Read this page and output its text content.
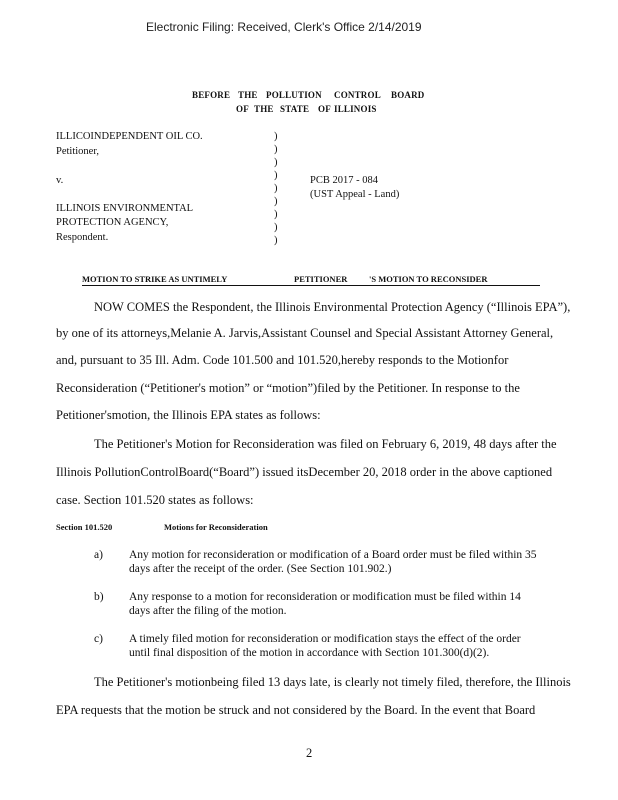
Electronic Filing: Received, Clerk's Office 2/14/2019
BEFORE THE POLLUTION CONTROL BOARD
OF THE STATE OF ILLINOIS
ILLICOINDEPENDENT OIL CO.
Petitioner,
v.
ILLINOIS ENVIRONMENTAL
PROTECTION AGENCY,
Respondent.
)
)
)
)
)
)
)
)
)
PCB 2017 - 084
(UST Appeal - Land)
MOTION TO STRIKE AS UNTIMELY	PETITIONER	'S MOTION TO RECONSIDER
NOW COMES the Respondent, the Illinois Environmental Protection Agency (“Illinois EPA”),
by one of its attorneys,Melanie A. Jarvis,Assistant Counsel and Special Assistant Attorney General,
and, pursuant to 35 Ill. Adm. Code 101.500 and 101.520,hereby responds to the Motionfor
Reconsideration (“Petitioner's motion” or “motion”)filed by the Petitioner. In response to the
Petitioner'smotion, the Illinois EPA states as follows:
The Petitioner's Motion for Reconsideration was filed on February 6, 2019, 48 days after the
Illinois PollutionControlBoard(“Board”) issued itsDecember 20, 2018 order in the above captioned
case. Section 101.520 states as follows:
Section 101.520	Motions for Reconsideration
a) Any motion for reconsideration or modification of a Board order must be filed within 35
days after the receipt of the order. (See Section 101.902.)
b) Any response to a motion for reconsideration or modification must be filed within 14
days after the filing of the motion.
c) A timely filed motion for reconsideration or modification stays the effect of the order
until final disposition of the motion in accordance with Section 101.300(d)(2).
The Petitioner's motionbeing filed 13 days late, is clearly not timely filed, therefore, the Illinois
EPA requests that the motion be struck and not considered by the Board. In the event that Board
2
